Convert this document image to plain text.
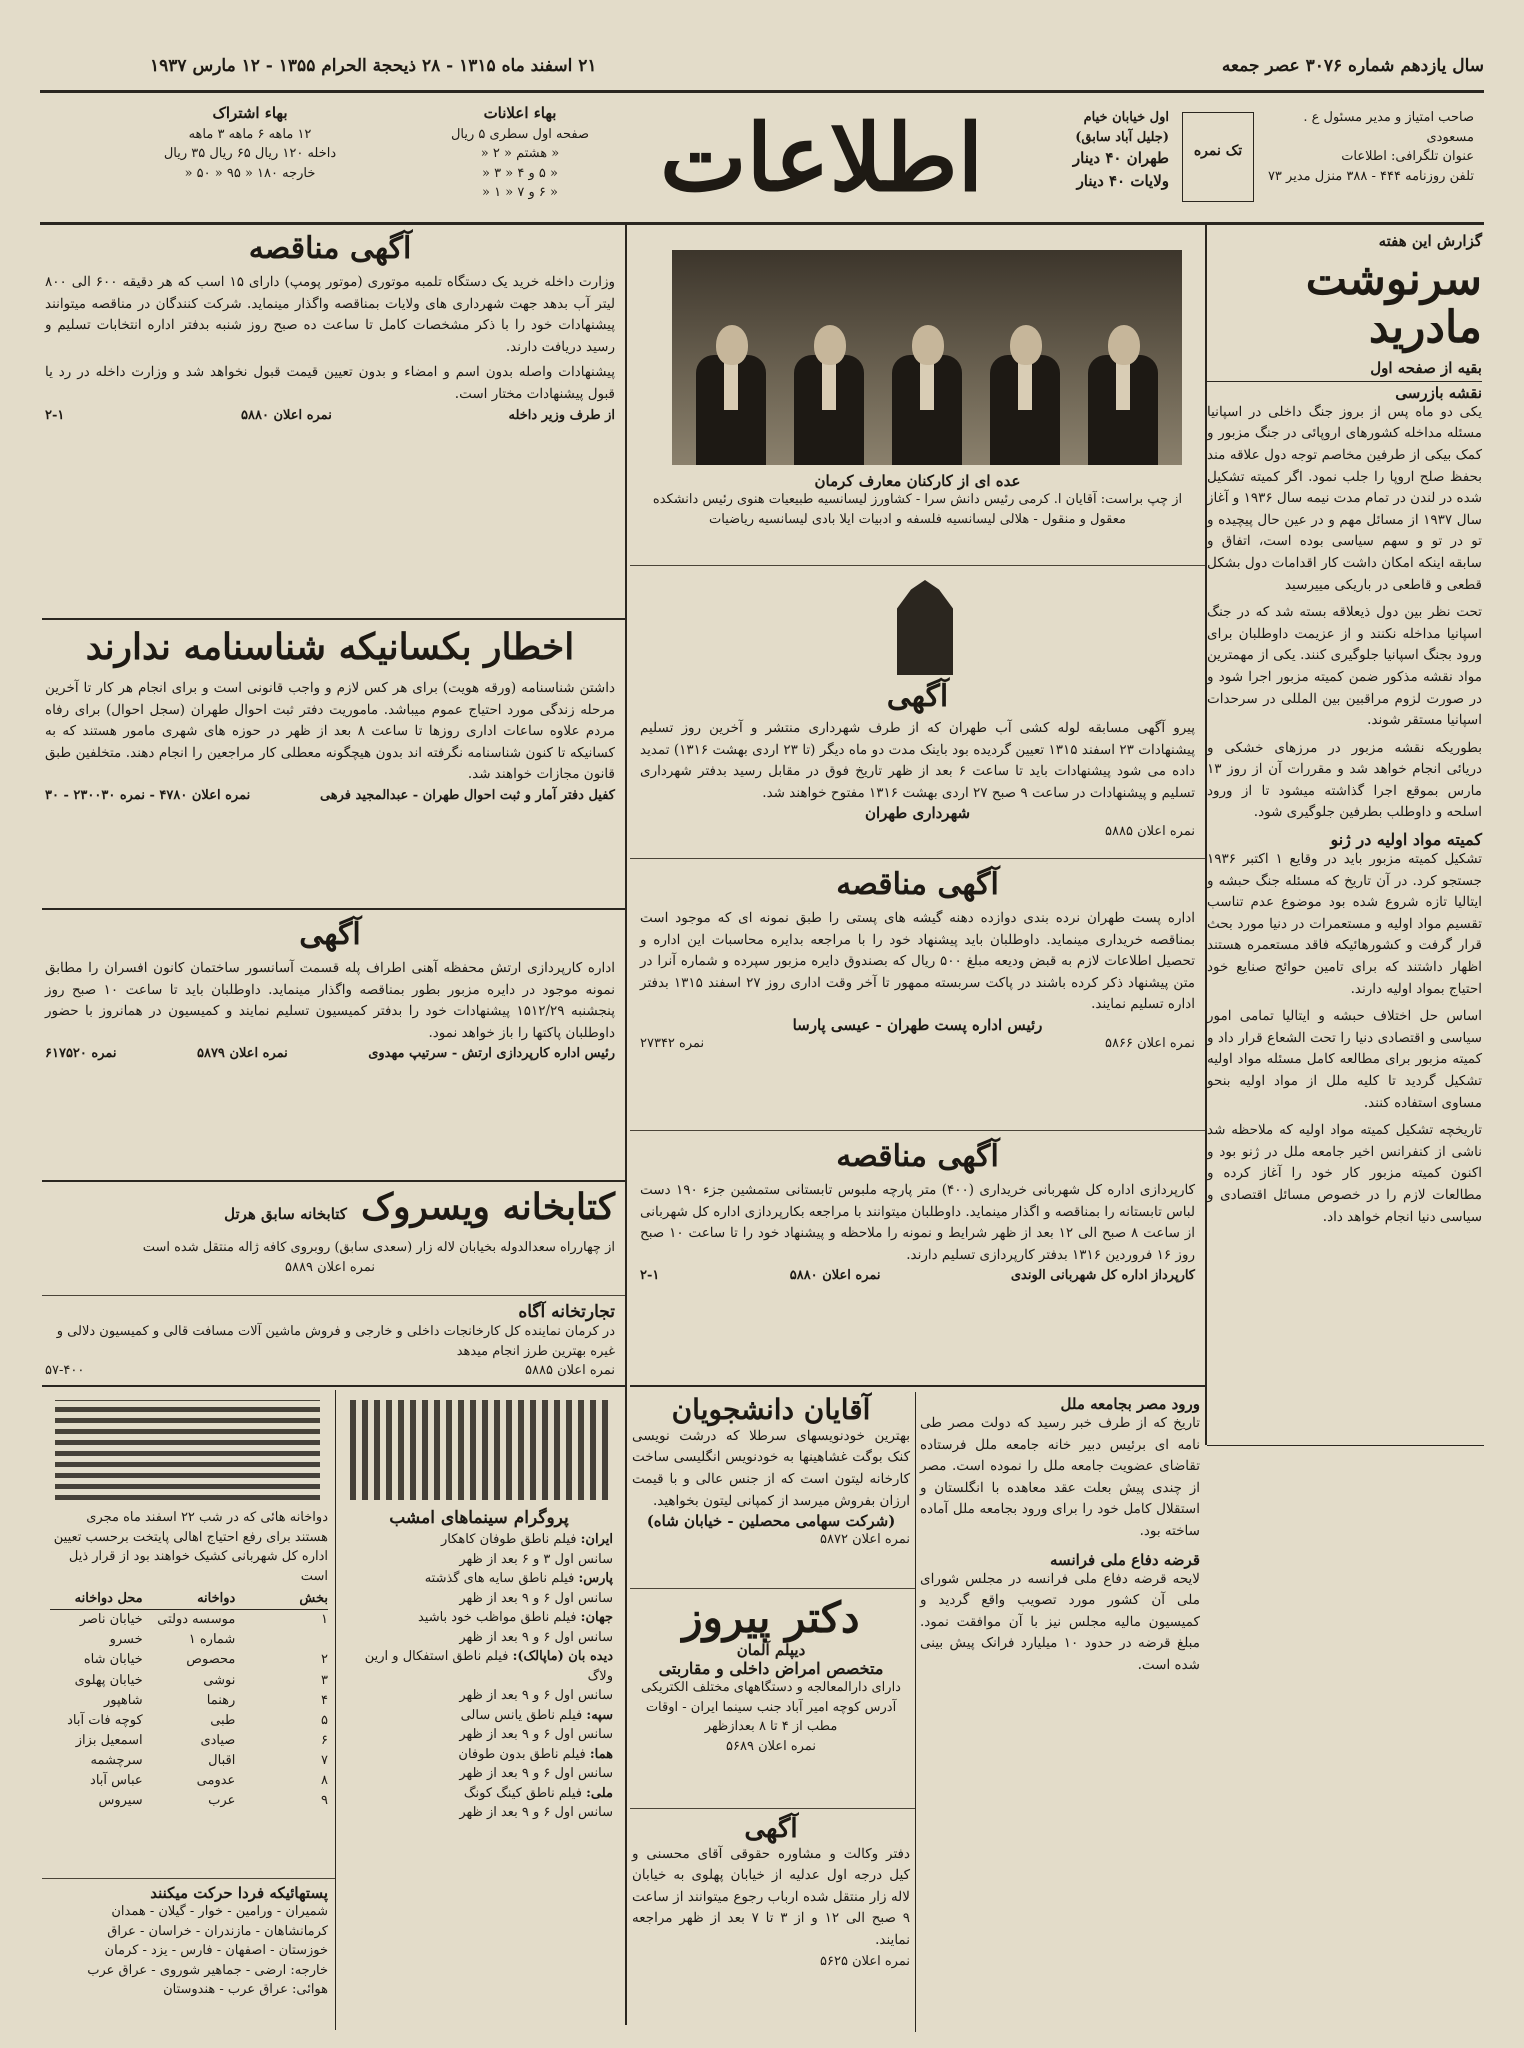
سال یازدهم شماره ۳۰۷۶ عصر جمعه
۲۱ اسفند ماه ۱۳۱۵ - ۲۸ ذیحجة الحرام ۱۳۵۵ - ۱۲ مارس ۱۹۳۷
صاحب امتیاز و مدیر مسئول ع . مسعودی
عنوان تلگرافی: اطلاعات
تلفن روزنامه ۴۴۴ - ۳۸۸ منزل مدیر ۷۳
تک نمره
اول خیابان خیام
(جلیل آباد سابق)
طهران ۴۰ دینار
ولایات ۴۰ دینار
اطلاعات
بهاء اعلانات
صفحه اول سطری ۵ ریال
« هشتم « ۲ «
« ۵ و ۴ « ۳ «
« ۶ و ۷ « ۱ «
بهاء اشتراک
۱۲ ماهه ۶ ماهه ۳ ماهه
داخله ۱۲۰ ریال ۶۵ ریال ۳۵ ریال
خارجه ۱۸۰ « ۹۵ « ۵۰ «
گزارش این هفته
سرنوشت مادرید
بقیه از صفحه اول
نقشه بازرسی
یکی دو ماه پس از بروز جنگ داخلی در اسپانیا مسئله مداخله کشورهای اروپائی در جنگ مزبور و کمک بیکی از طرفین مخاصم توجه دول علاقه مند بحفظ صلح اروپا را جلب نمود. اگر کمیته تشکیل شده در لندن در تمام مدت نیمه سال ۱۹۳۶ و آغاز سال ۱۹۳۷ از مسائل مهم و در عین حال پیچیده و تو در تو و سهم سیاسی بوده است، اتفاق و سابقه اینکه امکان داشت کار اقدامات دول بشکل قطعی و قاطعی در باریکی مییرسید
تحت نظر بین دول ذیعلاقه بسته شد که در جنگ اسپانیا مداخله نکنند و از عزیمت داوطلبان برای ورود بجنگ اسپانیا جلوگیری کنند. یکی از مهمترین مواد نقشه مذکور ضمن کمیته مزبور اجرا شود و در صورت لزوم مراقبین بین المللی در سرحدات اسپانیا مستقر شوند.
بطوریکه نقشه مزبور در مرزهای خشکی و دریائی انجام خواهد شد و مقررات آن از روز ۱۳ مارس بموقع اجرا گذاشته میشود تا از ورود اسلحه و داوطلب بطرفین جلوگیری شود.
کمیته مواد اولیه در ژنو
تشکیل کمیته مزبور باید در وقایع ۱ اکتبر ۱۹۳۶ جستجو کرد. در آن تاریخ که مسئله جنگ حبشه و ایتالیا تازه شروع شده بود موضوع عدم تناسب تقسیم مواد اولیه و مستعمرات در دنیا مورد بحث قرار گرفت و کشورهائیکه فاقد مستعمره هستند اظهار داشتند که برای تامین حوائج صنایع خود احتیاج بمواد اولیه دارند.
اساس حل اختلاف حبشه و ایتالیا تمامی امور سیاسی و اقتصادی دنیا را تحت الشعاع قرار داد و کمیته مزبور برای مطالعه کامل مسئله مواد اولیه تشکیل گردید تا کلیه ملل از مواد اولیه بنحو مساوی استفاده کنند.
تاریخچه تشکیل کمیته مواد اولیه که ملاحظه شد ناشی از کنفرانس اخیر جامعه ملل در ژنو بود و اکنون کمیته مزبور کار خود را آغاز کرده و مطالعات لازم را در خصوص مسائل اقتصادی و سیاسی دنیا انجام خواهد داد.
عده ای از کارکنان معارف کرمان
از چپ براست: آقایان ا. کرمی رئیس دانش سرا - کشاورز لیسانسیه طبیعیات هنوی رئیس دانشکده معقول و منقول - هلالی لیسانسیه فلسفه و ادبیات ایلا بادی لیسانسیه ریاضیات
آگهی
پیرو آگهی مسابقه لوله کشی آب طهران که از طرف شهرداری منتشر و آخرین روز تسلیم پیشنهادات ۲۳ اسفند ۱۳۱۵ تعیین گردیده بود باینک مدت دو ماه دیگر (تا ۲۳ اردی بهشت ۱۳۱۶) تمدید داده می شود پیشنهادات باید تا ساعت ۶ بعد از ظهر تاریخ فوق در مقابل رسید بدفتر شهرداری تسلیم و پیشنهادات در ساعت ۹ صبح ۲۷ اردی بهشت ۱۳۱۶ مفتوح خواهند شد.
شهرداری طهران
نمره اعلان ۵۸۸۵
آگهی مناقصه
اداره پست طهران نرده بندی دوازده دهنه گیشه های پستی را طبق نمونه ای که موجود است بمناقصه خریداری مینماید. داوطلبان باید پیشنهاد خود را با مراجعه بدایره محاسبات این اداره و تحصیل اطلاعات لازم به قبض ودیعه مبلغ ۵۰۰ ریال که بصندوق دایره مزبور سپرده و شماره آنرا در متن پیشنهاد ذکر کرده باشند در پاکت سربسته ممهور تا آخر وقت اداری روز ۲۷ اسفند ۱۳۱۵ بدفتر اداره تسلیم نمایند.
رئیس اداره پست طهران - عیسی پارسا
نمره ۲۷۳۴۲	نمره اعلان ۵۸۶۶
آگهی مناقصه
کارپردازی اداره کل شهربانی خریداری (۴۰۰) متر پارچه ملبوس تابستانی ستمشین جزء ۱۹۰ دست لباس تابستانه را بمناقصه و اگذار مینماید. داوطلبان میتوانند با مراجعه بکارپردازی اداره کل شهربانی از ساعت ۸ صبح الی ۱۲ بعد از ظهر شرایط و نمونه را ملاحظه و پیشنهاد خود را تا ساعت ۱۰ صبح روز ۱۶ فروردین ۱۳۱۶ بدفتر کارپردازی تسلیم دارند.
کارپرداز اداره کل شهربانی الوندی
نمره اعلان ۵۸۸۰
۲-۱
ورود مصر بجامعه ملل
تاریخ که از طرف خبر رسید که دولت مصر طی نامه ای برئیس دبیر خانه جامعه ملل فرستاده تقاضای عضویت جامعه ملل را نموده است. مصر از چندی پیش بعلت عقد معاهده با انگلستان و استقلال کامل خود را برای ورود بجامعه ملل آماده ساخته بود.
قرضه دفاع ملی فرانسه
لایحه قرضه دفاع ملی فرانسه در مجلس شورای ملی آن کشور مورد تصویب واقع گردید و کمیسیون مالیه مجلس نیز با آن موافقت نمود. مبلغ قرضه در حدود ۱۰ میلیارد فرانک پیش بینی شده است.
آقایان دانشجویان
بهترین خودنویسهای سرطلا که درشت نویسی کنک بوگت غشاهینها به خودنویس انگلیسی ساخت کارخانه لیتون است که از جنس عالی و با قیمت ارزان بفروش میرسد از کمپانی لیتون بخواهید.
(شرکت سهامی محصلین - خیابان شاه)
نمره اعلان ۵۸۷۲
دکتر پیروز
دیپلم آلمان
متخصص امراض داخلی و مقاربتی
دارای دارالمعالجه و دستگاههای مختلف الکتریکی آدرس کوچه امیر آباد جنب سینما ایران - اوقات مطب از ۴ تا ۸ بعدازظهر
نمره اعلان ۵۶۸۹
آگهی
دفتر وکالت و مشاوره حقوقی آقای محسنی و کیل درجه اول عدلیه از خیابان پهلوی به خیابان لاله زار منتقل شده ارباب رجوع میتوانند از ساعت ۹ صبح الی ۱۲ و از ۳ تا ۷ بعد از ظهر مراجعه نمایند.
نمره اعلان ۵۶۲۵
آگهی مناقصه
وزارت داخله خرید یک دستگاه تلمبه موتوری (موتور پومپ) دارای ۱۵ اسب که هر دقیقه ۶۰۰ الی ۸۰۰ لیتر آب بدهد جهت شهرداری های ولایات بمناقصه واگذار مینماید. شرکت کنندگان در مناقصه میتوانند پیشنهادات خود را با ذکر مشخصات کامل تا ساعت ده صبح روز شنبه بدفتر اداره انتخابات تسلیم و رسید دریافت دارند.
پیشنهادات واصله بدون اسم و امضاء و بدون تعیین قیمت قبول نخواهد شد و وزارت داخله در رد یا قبول پیشنهادات مختار است.
از طرف وزیر داخله
نمره اعلان ۵۸۸۰
۲-۱
اخطار بکسانیکه شناسنامه ندارند
داشتن شناسنامه (ورقه هویت) برای هر کس لازم و واجب قانونی است و برای انجام هر کار تا آخرین مرحله زندگی مورد احتیاج عموم میباشد. ماموریت دفتر ثبت احوال طهران (سجل احوال) برای رفاه مردم علاوه ساعات اداری روزها تا ساعت ۸ بعد از ظهر در حوزه های شهری مامور هستند که به کسانیکه تا کنون شناسنامه نگرفته اند بدون هیچگونه معطلی کار مراجعین را انجام دهند. متخلفین طبق قانون مجازات خواهند شد.
کفیل دفتر آمار و ثبت احوال طهران - عبدالمجید فرهی
نمره اعلان ۴۷۸۰ - نمره ۲۳۰۰۳۰ - ۳۰
آگهی
اداره کارپردازی ارتش محفظه آهنی اطراف پله قسمت آسانسور ساختمان کانون افسران را مطابق نمونه موجود در دایره مزبور بطور بمناقصه واگذار مینماید. داوطلبان باید تا ساعت ۱۰ صبح روز پنجشنبه ۱۵۱۲/۲۹ پیشنهادات خود را بدفتر کمیسیون تسلیم نمایند و کمیسیون در همانروز با حضور داوطلبان پاکتها را باز خواهد نمود.
رئیس اداره کارپردازی ارتش - سرتیپ مهدوی
نمره اعلان ۵۸۷۹
نمره ۶۱۷۵۲۰
کتابخانه ویسروک
کتابخانه سابق هرتل
از چهارراه سعدالدوله بخیابان لاله زار (سعدی سابق) روبروی کافه ژاله منتقل شده است
نمره اعلان ۵۸۸۹
تجارتخانه آگاه
در کرمان نماینده کل کارخانجات داخلی و خارجی و فروش ماشین آلات مسافت قالی و کمیسیون دلالی و غیره بهترین طرز انجام میدهد
نمره اعلان ۵۸۸۵
۵۷-۴۰۰
پروگرام سینماهای امشب
ایران: فیلم ناطق طوفان کاهکار
سانس اول ۳ و ۶ بعد از ظهر
پارس: فیلم ناطق سایه های گذشته
سانس اول ۶ و ۹ بعد از ظهر
جهان: فیلم ناطق مواظب خود باشید
سانس اول ۶ و ۹ بعد از ظهر
دیده بان (ماپالک): فیلم ناطق استفکال و ارین ولاگ
سانس اول ۶ و ۹ بعد از ظهر
سپه: فیلم ناطق یانس سالی
سانس اول ۶ و ۹ بعد از ظهر
هما: فیلم ناطق بدون طوفان
سانس اول ۶ و ۹ بعد از ظهر
ملی: فیلم ناطق کینگ کونگ
سانس اول ۶ و ۹ بعد از ظهر
دواخانه هائی که در شب ۲۲ اسفند ماه مجری هستند برای رفع احتیاج اهالی پایتخت برحسب تعیین اداره کل شهربانی کشیک خواهند بود از قرار ذیل است
بخش
دواخانه
محل دواخانه
۱
موسسه دولتی شماره ۱
خیابان ناصر خسرو
۲
محصوص
خیابان شاه
۳
نوشی
خیابان پهلوی
۴
رهنما
شاهپور
۵
طبی
کوچه فات آباد
۶
صیادی
اسمعیل بزاز
۷
اقبال
سرچشمه
۸
عدومی
عباس آباد
۹
عرب
سیروس
پستهائیکه فردا حرکت میکنند
شمیران - ورامین - خوار - گیلان - همدان
کرمانشاهان - مازندران - خراسان - عراق
خوزستان - اصفهان - فارس - یزد - کرمان
خارجه: ارضی - جماهیر شوروی - عراق عرب
هوائی: عراق عرب - هندوستان
